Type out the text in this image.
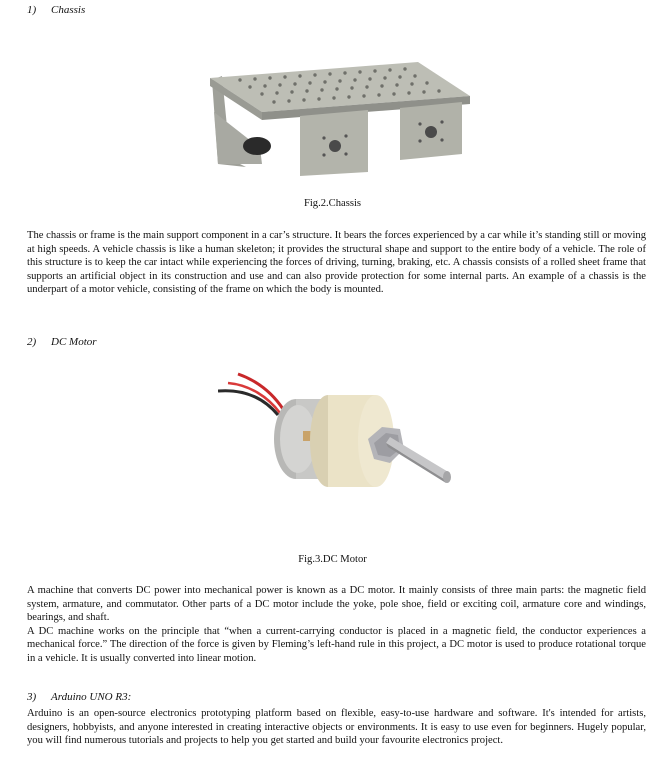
1) Chassis
Fig.2.Chassis

The chassis or frame is the main support component in a car’s structure. It bears the forces experienced by a car while it’s standing still or moving at high speeds. A vehicle chassis is like a human skeleton; it provides the structural shape and support to the entire body of a vehicle. The role of this structure is to keep the car intact while experiencing the forces of driving, turning, braking, etc. A chassis consists of a rolled sheet frame that supports an artificial object in its construction and use and can also provide protection for some internal parts. An example of a chassis is the underpart of a motor vehicle, consisting of the frame on which the body is mounted.

2) DC Motor
Fig.3.DC Motor

A machine that converts DC power into mechanical power is known as a DC motor. It mainly consists of three main parts: the magnetic field system, armature, and commutator. Other parts of a DC motor include the yoke, pole shoe, field or exciting coil, armature core and windings, bearings, and shaft.

A DC machine works on the principle that “when a current-carrying conductor is placed in a magnetic field, the conductor experiences a mechanical force.” The direction of the force is given by Fleming’s left-hand rule in this project, a DC motor is used to produce rotational torque in a vehicle. It is usually converted into linear motion.

3) Arduino UNO R3:

Arduino is an open-source electronics prototyping platform based on flexible, easy-to-use hardware and software. It's intended for artists, designers, hobbyists, and anyone interested in creating interactive objects or environments. It is easy to use even for beginners. Hugely popular, you will find numerous tutorials and projects to help you get started and build your favourite electronics project.
